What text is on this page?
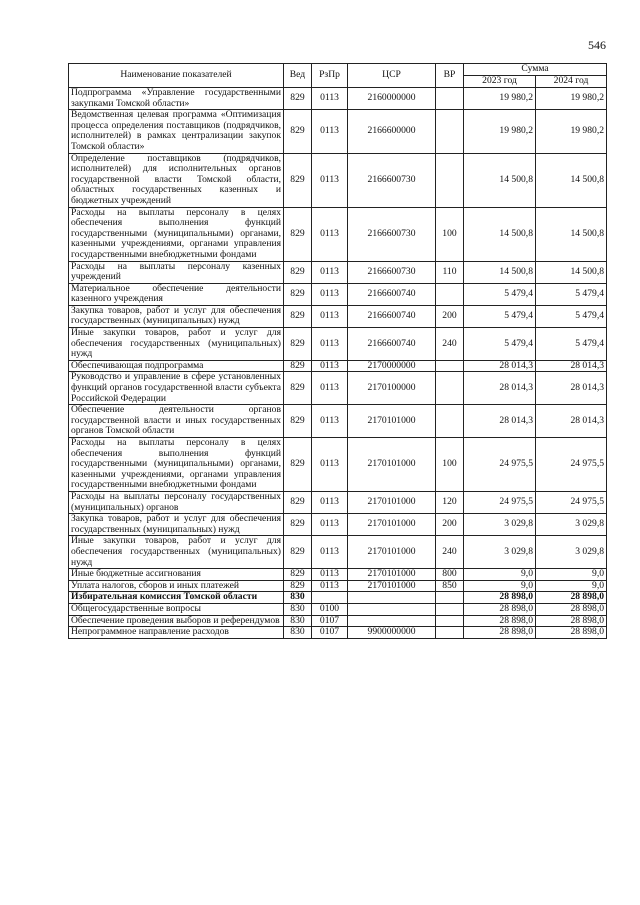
546
Наименование показателей	Вед	РзПр	ЦСР	ВР	Сумма	
					2023 год	2024 год
Подпрограмма «Управление государственными закупками Томской области»	829	0113	2160000000		19 980,2	19 980,2
Ведомственная целевая программа «Оптимизация процесса определения поставщиков (подрядчиков, исполнителей) в рамках централизации закупок Томской области»	829	0113	2166600000		19 980,2	19 980,2
Определение поставщиков (подрядчиков, исполнителей) для исполнительных органов государственной власти Томской области, областных государственных казенных и бюджетных учреждений	829	0113	2166600730		14 500,8	14 500,8
Расходы на выплаты персоналу в целях обеспечения выполнения функций государственными (муниципальными) органами, казенными учреждениями, органами управления государственными внебюджетными фондами	829	0113	2166600730	100	14 500,8	14 500,8
Расходы на выплаты персоналу казенных учреждений	829	0113	2166600730	110	14 500,8	14 500,8
Материальное обеспечение деятельности казенного учреждения	829	0113	2166600740		5 479,4	5 479,4
Закупка товаров, работ и услуг для обеспечения государственных (муниципальных) нужд	829	0113	2166600740	200	5 479,4	5 479,4
Иные закупки товаров, работ и услуг для обеспечения государственных (муниципальных) нужд	829	0113	2166600740	240	5 479,4	5 479,4
Обеспечивающая подпрограмма	829	0113	2170000000		28 014,3	28 014,3
Руководство и управление в сфере установленных функций органов государственной власти субъекта Российской Федерации	829	0113	2170100000		28 014,3	28 014,3
Обеспечение деятельности органов государственной власти и иных государственных органов Томской области	829	0113	2170101000		28 014,3	28 014,3
Расходы на выплаты персоналу в целях обеспечения выполнения функций государственными (муниципальными) органами, казенными учреждениями, органами управления государственными внебюджетными фондами	829	0113	2170101000	100	24 975,5	24 975,5
Расходы на выплаты персоналу государственных (муниципальных) органов	829	0113	2170101000	120	24 975,5	24 975,5
Закупка товаров, работ и услуг для обеспечения государственных (муниципальных) нужд	829	0113	2170101000	200	3 029,8	3 029,8
Иные закупки товаров, работ и услуг для обеспечения государственных (муниципальных) нужд	829	0113	2170101000	240	3 029,8	3 029,8
Иные бюджетные ассигнования	829	0113	2170101000	800	9,0	9,0
Уплата налогов, сборов и иных платежей	829	0113	2170101000	850	9,0	9,0
Избирательная комиссия Томской области	830				28 898,0	28 898,0
Общегосударственные вопросы	830	0100			28 898,0	28 898,0
Обеспечение проведения выборов и референдумов	830	0107			28 898,0	28 898,0
Непрограммное направление расходов	830	0107	9900000000		28 898,0	28 898,0
